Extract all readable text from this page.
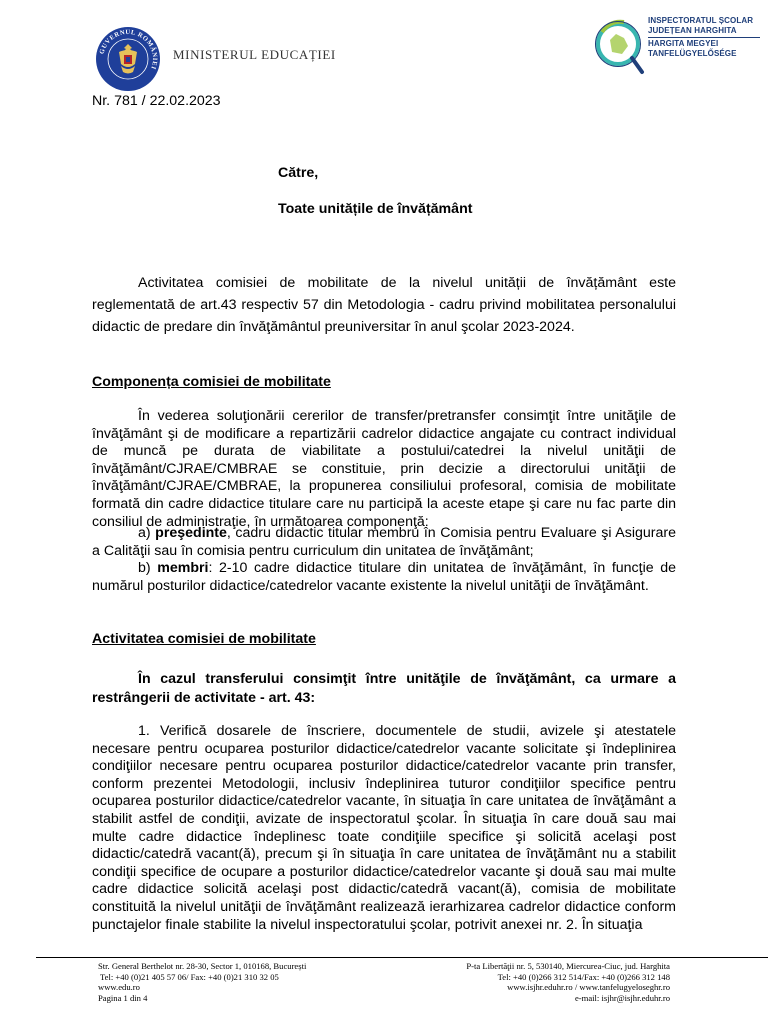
GUVERNUL ROMÂNIEI
MINISTERUL EDUCAȚIEI
INSPECTORATUL ȘCOLAR
JUDEȚEAN HARGHITA
HARGITA MEGYEI
TANFELÜGYELŐSÉGE
Nr. 781 / 22.02.2023
Către,
Toate unitățile de învățământ
Activitatea comisiei de mobilitate de la nivelul unității de învățământ este reglementată de art.43 respectiv 57 din Metodologia - cadru privind mobilitatea personalului didactic de predare din învăţământul preuniversitar în anul şcolar 2023-2024.
Componența comisiei de mobilitate
În vederea soluţionării cererilor de transfer/pretransfer consimţit între unităţile de învăţământ şi de modificare a repartizării cadrelor didactice angajate cu contract individual de muncă pe durata de viabilitate a postului/catedrei la nivelul unităţii de învăţământ/CJRAE/CMBRAE se constituie, prin decizie a directorului unităţii de învăţământ/CJRAE/CMBRAE, la propunerea consiliului profesoral, comisia de mobilitate formată din cadre didactice titulare care nu participă la aceste etape şi care nu fac parte din consiliul de administraţie, în următoarea componenţă:
a) preşedinte, cadru didactic titular membru în Comisia pentru Evaluare şi Asigurare a Calităţii sau în comisia pentru curriculum din unitatea de învăţământ;
b) membri: 2-10 cadre didactice titulare din unitatea de învăţământ, în funcţie de numărul posturilor didactice/catedrelor vacante existente la nivelul unităţii de învăţământ.
Activitatea comisiei de mobilitate
În cazul transferului consimţit între unităţile de învăţământ, ca urmare a restrângerii de activitate - art. 43:
1. Verifică dosarele de înscriere, documentele de studii, avizele şi atestatele necesare pentru ocuparea posturilor didactice/catedrelor vacante solicitate şi îndeplinirea condiţiilor necesare pentru ocuparea posturilor didactice/catedrelor vacante prin transfer, conform prezentei Metodologii, inclusiv îndeplinirea tuturor condiţiilor specifice pentru ocuparea posturilor didactice/catedrelor vacante, în situaţia în care unitatea de învăţământ a stabilit astfel de condiţii, avizate de inspectoratul şcolar. În situaţia în care două sau mai multe cadre didactice îndeplinesc toate condiţiile specifice şi solicită acelaşi post didactic/catedră vacant(ă), precum şi în situaţia în care unitatea de învăţământ nu a stabilit condiţii specifice de ocupare a posturilor didactice/catedrelor vacante şi două sau mai multe cadre didactice solicită acelaşi post didactic/catedră vacant(ă), comisia de mobilitate constituită la nivelul unităţii de învăţământ realizează ierarhizarea cadrelor didactice conform punctajelor finale stabilite la nivelul inspectoratului şcolar, potrivit anexei nr. 2. În situaţia
Str. General Berthelot nr. 28-30, Sector 1, 010168, București
Tel: +40 (0)21 405 57 06/ Fax: +40 (0)21 310 32 05
www.edu.ro
Pagina 1 din 4
P-ta Libertăţii nr. 5, 530140, Miercurea-Ciuc, jud. Harghita
Tel: +40 (0)266 312 514/Fax: +40 (0)266 312 148
www.isjhr.eduhr.ro / www.tanfelugyeloseghr.ro
e-mail: isjhr@isjhr.eduhr.ro
